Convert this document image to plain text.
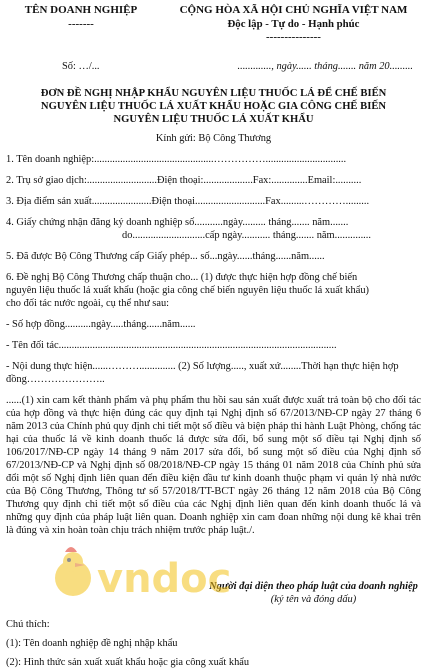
TÊN DOANH NGHIỆP
-------
CỘNG HÒA XÃ HỘI CHỦ NGHĨA VIỆT NAM
Độc lập - Tự do - Hạnh phúc
---------------
Số: …/...	............., ngày...... tháng....... năm 20.........
ĐƠN ĐỀ NGHỊ NHẬP KHẨU NGUYÊN LIỆU THUỐC LÁ ĐỂ CHẾ BIẾN
NGUYÊN LIỆU THUỐC LÁ XUẤT KHẨU HOẶC GIA CÔNG CHẾ BIẾN
NGUYÊN LIỆU THUỐC LÁ XUẤT KHẨU

Kính gửi: Bộ Công Thương

1. Tên doanh nghiệp:..............................................……………...............................

2. Trụ sở giao dịch:...........................Điện thoại:...................Fax:..............Email:..........

3. Địa điểm sản xuất.......................Điện thoại...........................Fax.........………….........

4. Giấy chứng nhận đăng ký doanh nghiệp số...........ngày......... tháng....... năm.......

do............................cấp ngày........... tháng....... năm..............

5. Đã được Bộ Công Thương cấp Giấy phép... số...ngày......tháng......năm......

6. Đề nghị Bộ Công Thương chấp thuận cho... (1) được thực hiện hợp đồng chế biến

nguyên liệu thuốc lá xuất khẩu (hoặc gia công chế biến nguyên liệu thuốc lá xuất khẩu)

cho đối tác nước ngoài, cụ thể như sau:

- Số hợp đồng..........ngày.....tháng......năm......

- Tên đối tác...........................................................................................................

- Nội dung thực hiện......……….............. (2) Số lượng....., xuất xứ........Thời hạn thực hiện hợp

đồng…………………..

......(1) xin cam kết thành phẩm và phụ phẩm thu hồi sau sản xuất được xuất trả toàn bộ cho đối tác của hợp đồng và thực hiện đúng các quy định tại Nghị định số 67/2013/NĐ-CP ngày 27 tháng 6 năm 2013 của Chính phủ quy định chi tiết một số điều và biện pháp thi hành Luật Phòng, chống tác hại của thuốc lá về kinh doanh thuốc lá được sửa đổi, bổ sung một số điều tại Nghị định số 106/2017/NĐ-CP ngày 14 tháng 9 năm 2017 sửa đổi, bổ sung một số điều của Nghị định số 67/2013/NĐ-CP và Nghị định số 08/2018/NĐ-CP ngày 15 tháng 01 năm 2018 của Chính phủ sửa đổi một số Nghị định liên quan đến điều kiện đầu tư kinh doanh thuộc phạm vi quản lý nhà nước của Bộ Công Thương, Thông tư số 57/2018/TT-BCT ngày 26 tháng 12 năm 2018 của Bộ Công Thương quy định chi tiết một số điều của các Nghị định liên quan đến kinh doanh thuốc lá và những quy định của pháp luật liên quan. Doanh nghiệp xin cam đoan những nội dung kê khai trên là đúng và xin hoàn toàn chịu trách nhiệm trước pháp luật./.

Người đại diện theo pháp luật của doanh nghiệp
(ký tên và đóng dấu)
Chú thích:
(1): Tên doanh nghiệp đề nghị nhập khẩu
(2): Hình thức sản xuất xuất khẩu hoặc gia công xuất khẩu
vndoc
